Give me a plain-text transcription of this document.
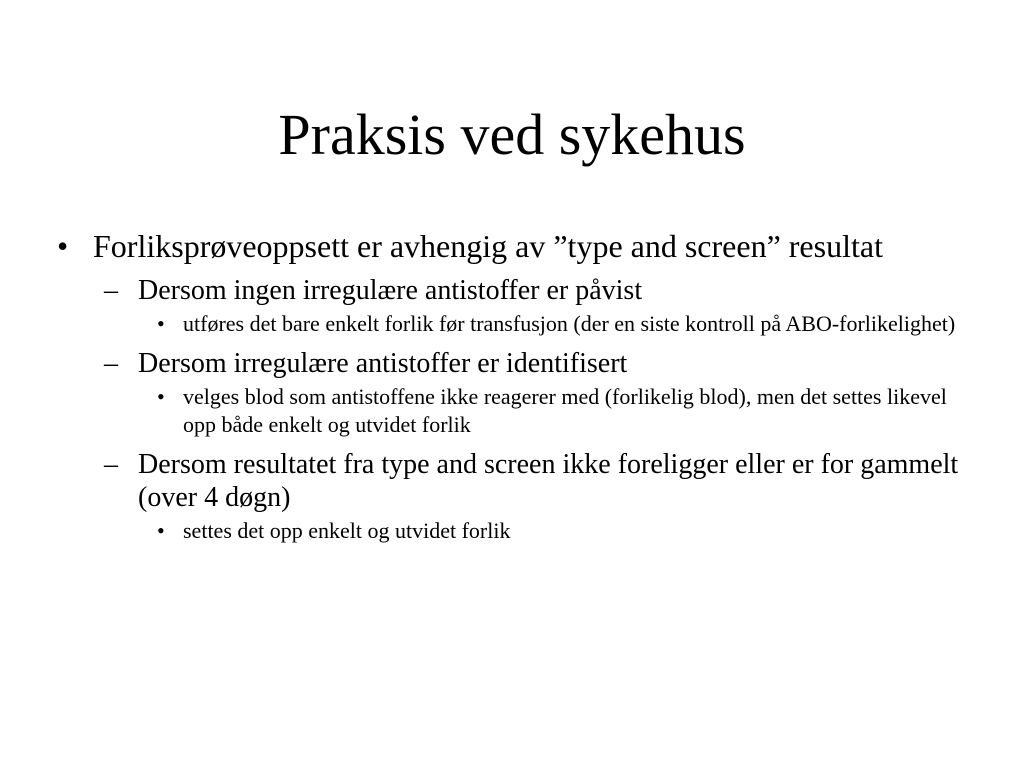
Praksis ved sykehus
• Forliksprøveoppsett er avhengig av ”type and screen” resultat
– Dersom ingen irregulære antistoffer er påvist
• utføres det bare enkelt forlik før transfusjon (der en siste kontroll på ABO-forlikelighet)
– Dersom irregulære antistoffer er identifisert
• velges blod som antistoffene ikke reagerer med (forlikelig blod), men det settes likevel opp både enkelt og utvidet forlik
– Dersom resultatet fra type and screen ikke foreligger eller er for gammelt (over 4 døgn)
• settes det opp enkelt og utvidet forlik
